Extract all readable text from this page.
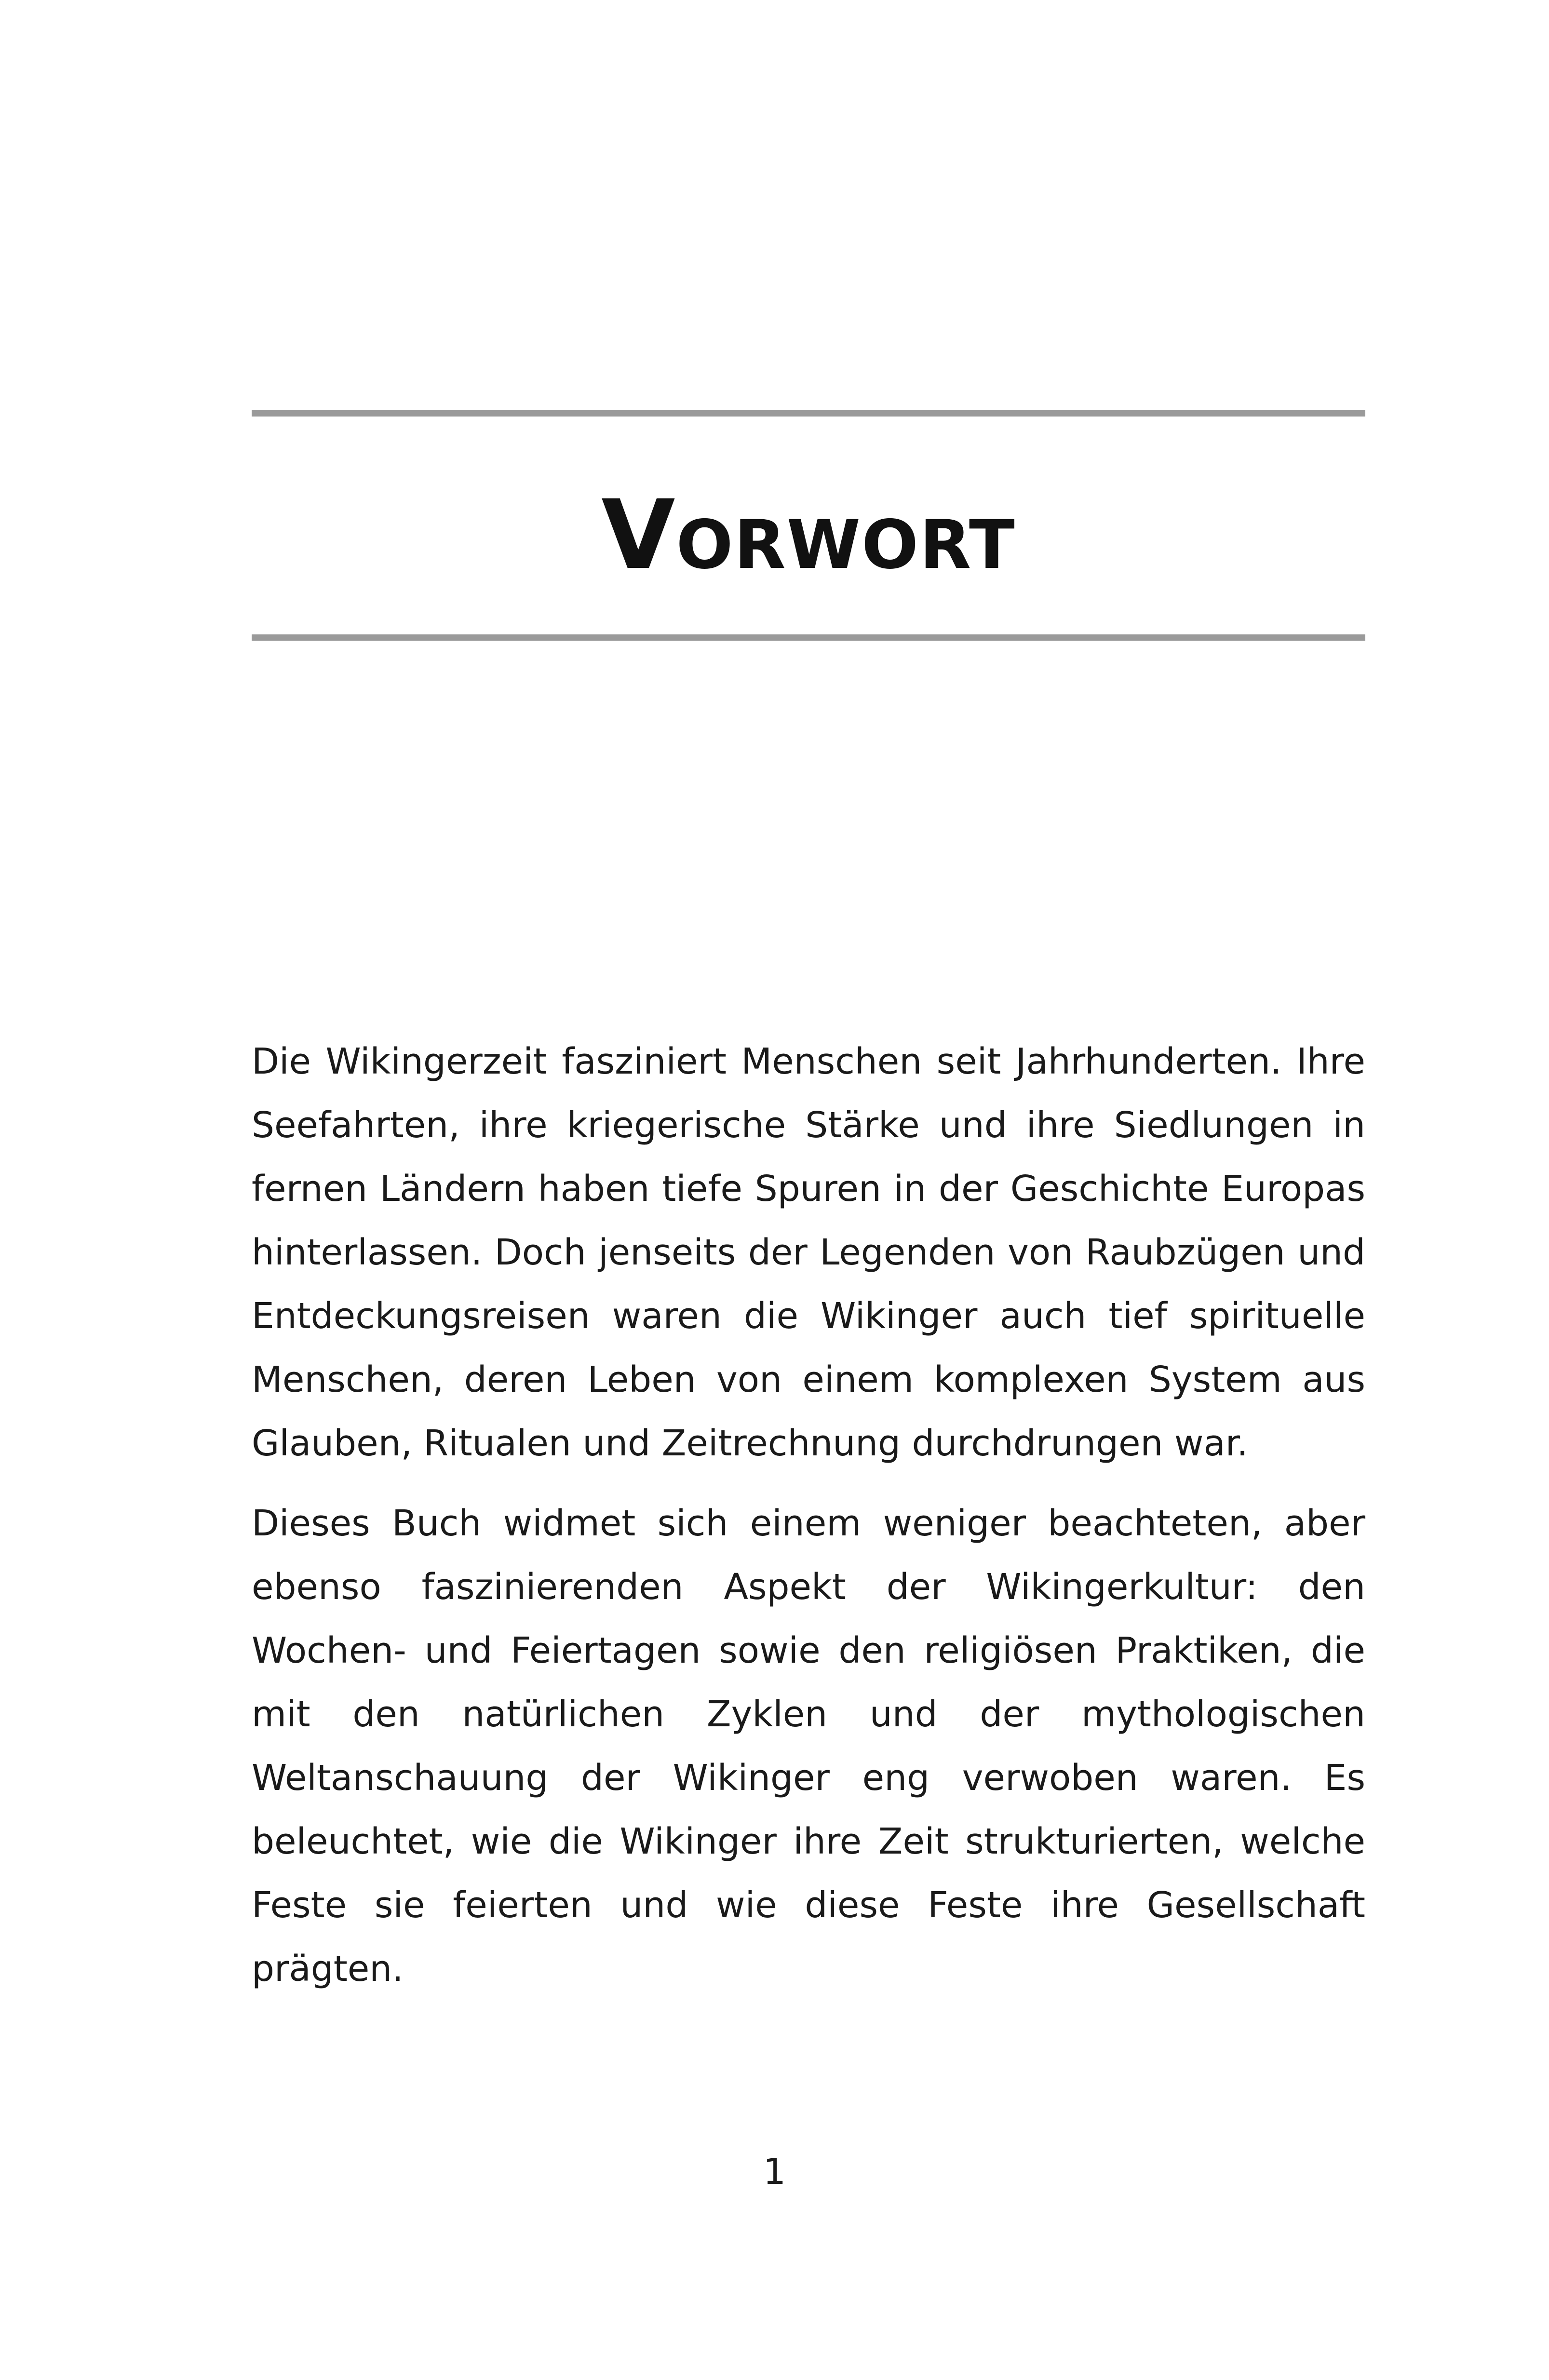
Vorwort

Die Wikingerzeit fasziniert Menschen seit Jahrhunderten. Ihre Seefahrten, ihre kriegerische Stärke und ihre Siedlungen in fernen Ländern haben tiefe Spuren in der Geschichte Europas hinterlassen. Doch jenseits der Legenden von Raubzügen und Entdeckungsreisen waren die Wikinger auch tief spirituelle Menschen, deren Leben von einem komplexen System aus Glauben, Ritualen und Zeitrechnung durchdrungen war.

Dieses Buch widmet sich einem weniger beachteten, aber ebenso faszinierenden Aspekt der Wikingerkultur: den Wochen- und Feiertagen sowie den religiösen Praktiken, die mit den natürlichen Zyklen und der mythologischen Weltanschauung der Wikinger eng verwoben waren. Es beleuchtet, wie die Wikinger ihre Zeit strukturierten, welche Feste sie feierten und wie diese Feste ihre Gesellschaft prägten.

1
